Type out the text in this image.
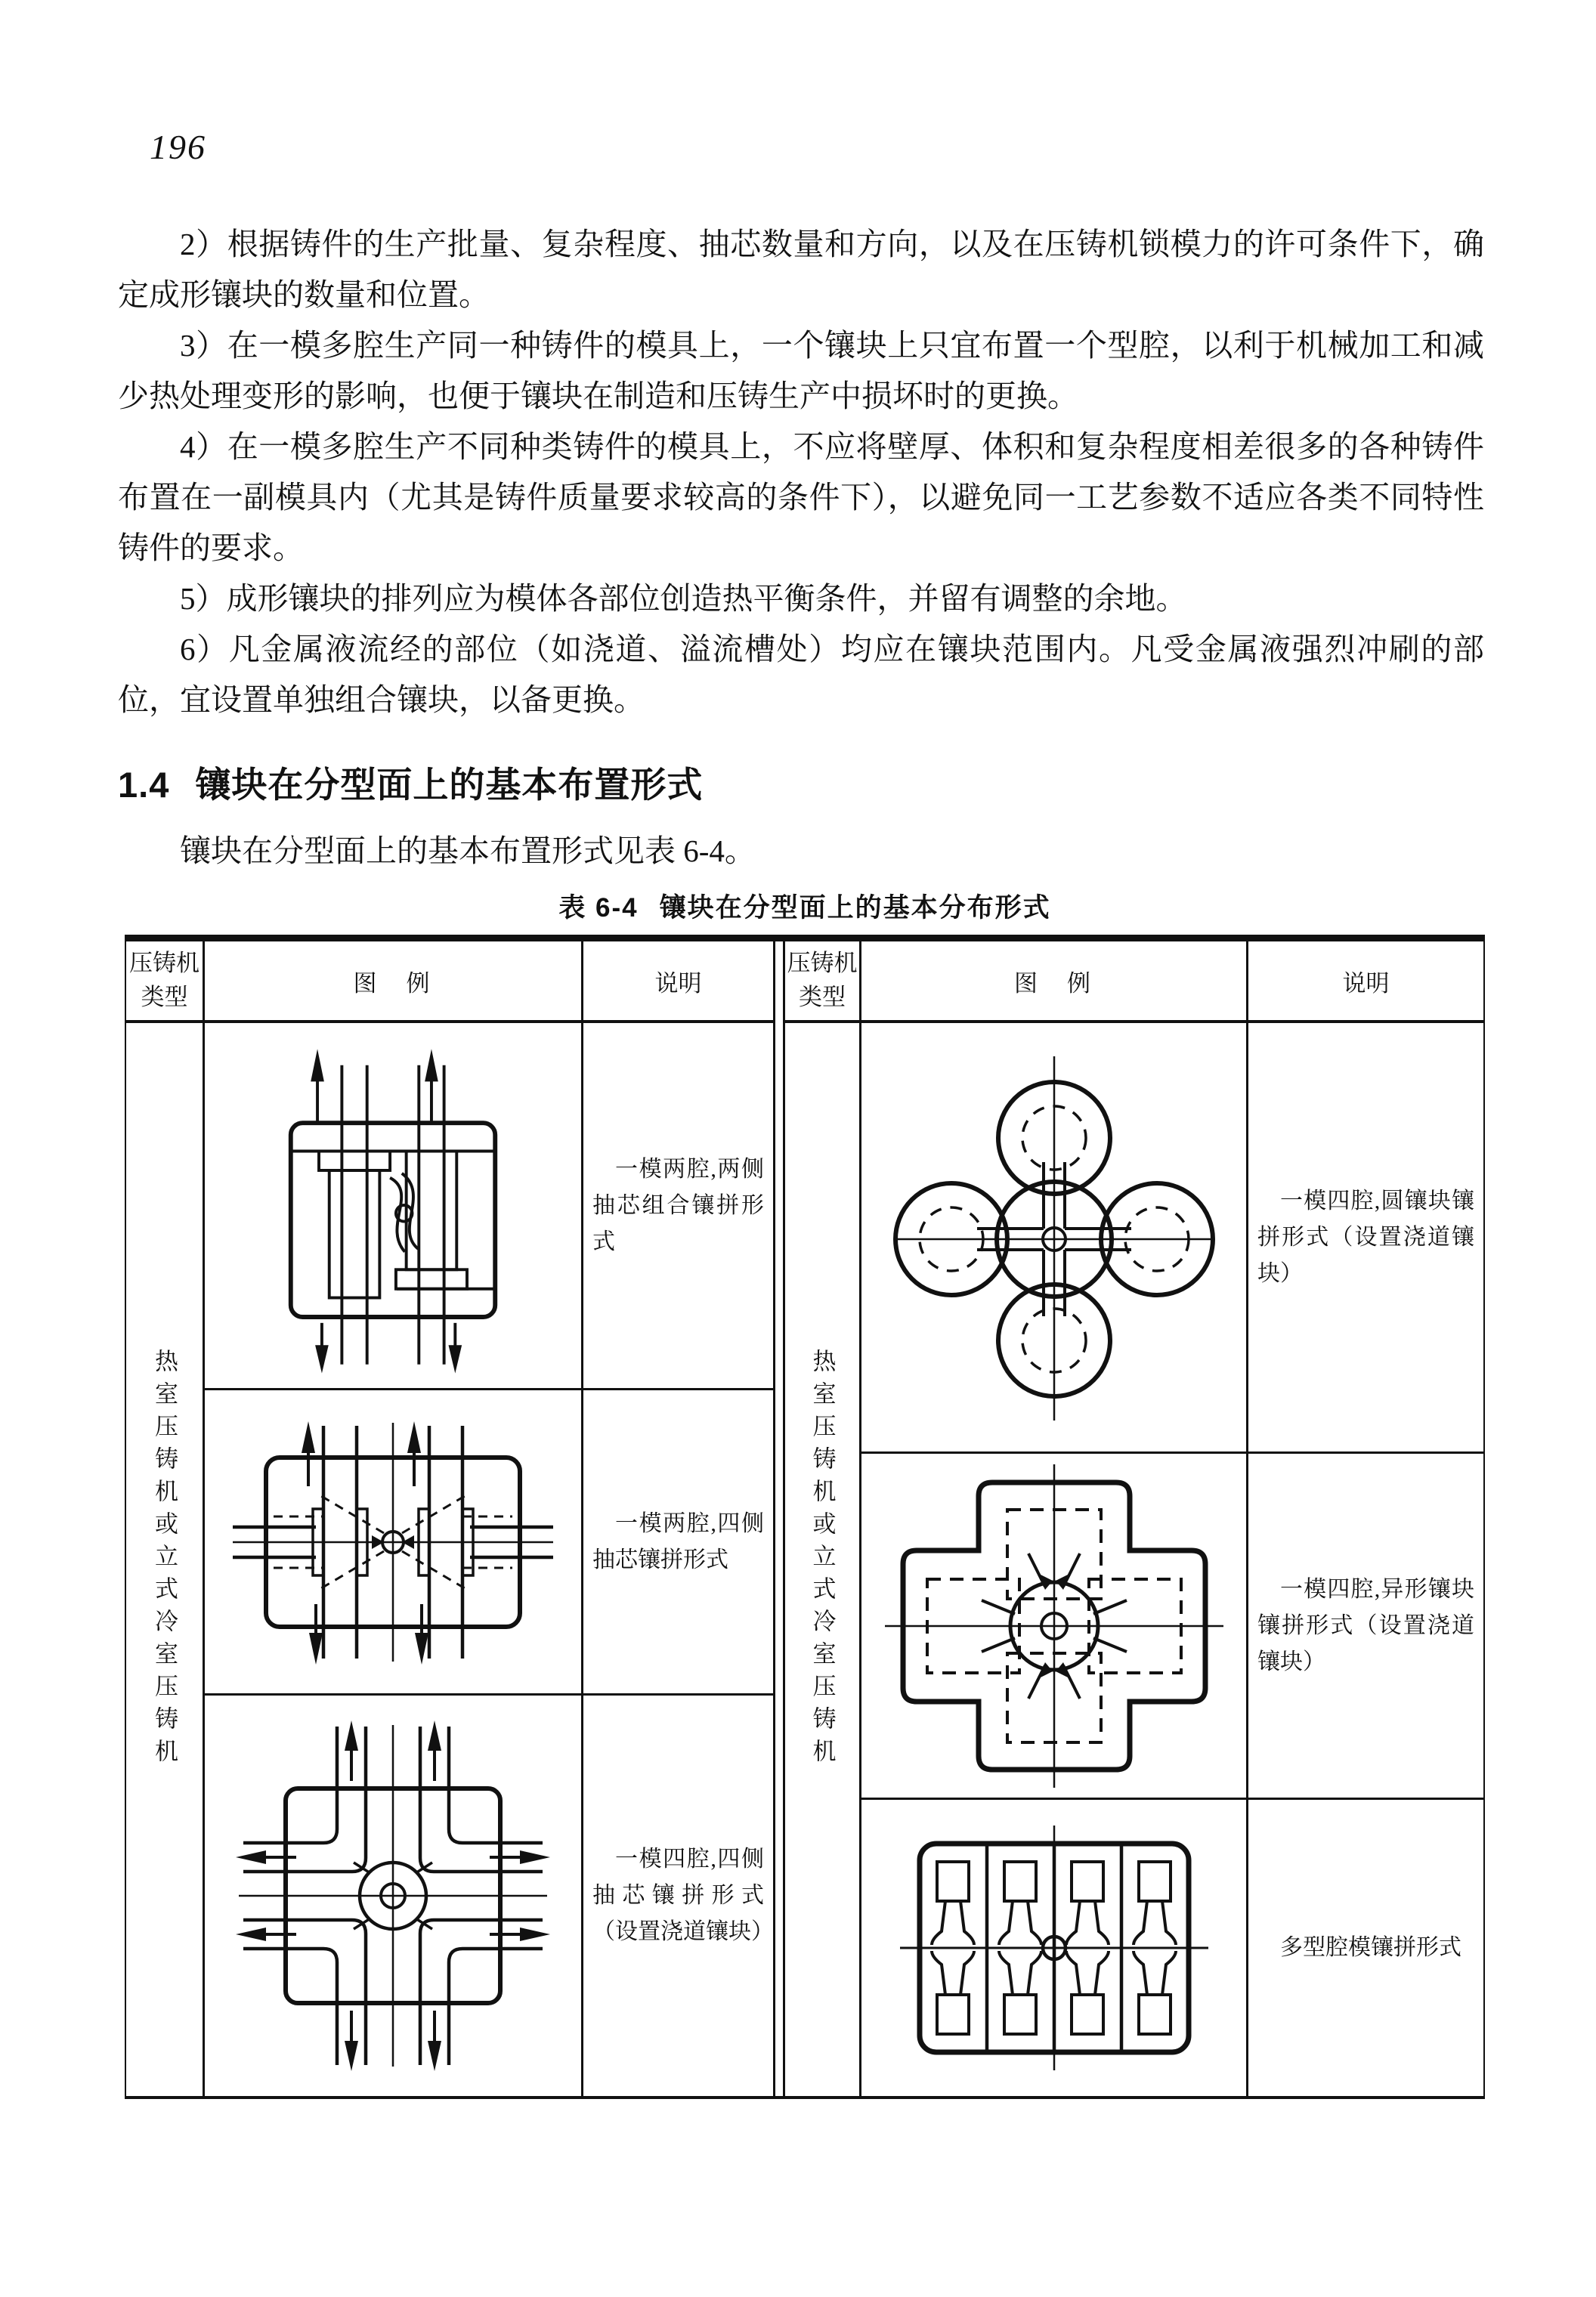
196

2）根据铸件的生产批量、复杂程度、抽芯数量和方向，以及在压铸机锁模力的许可条件下，确定成形镶块的数量和位置。

3）在一模多腔生产同一种铸件的模具上，一个镶块上只宜布置一个型腔，以利于机械加工和减少热处理变形的影响，也便于镶块在制造和压铸生产中损坏时的更换。

4）在一模多腔生产不同种类铸件的模具上，不应将壁厚、体积和复杂程度相差很多的各种铸件布置在一副模具内（尤其是铸件质量要求较高的条件下），以避免同一工艺参数不适应各类不同特性铸件的要求。

5）成形镶块的排列应为模体各部位创造热平衡条件，并留有调整的余地。

6）凡金属液流经的部位（如浇道、溢流槽处）均应在镶块范围内。凡受金属液强烈冲刷的部位，宜设置单独组合镶块，以备更换。

1.4 镶块在分型面上的基本布置形式
镶块在分型面上的基本布置形式见表 6-4。
表 6-4 镶块在分型面上的基本分布形式
压铸机类型
图　例	说明
热室压铸机或立式冷室压铸机
一模两腔,两侧抽芯组合镶拼形式
一模两腔,四侧抽芯镶拼形式
一模四腔,四侧抽芯镶拼形式（设置浇道镶块）
压铸机类型
图　例	说明
热室压铸机或立式冷室压铸机
一模四腔,圆镶块镶拼形式（设置浇道镶块）
一模四腔,异形镶块镶拼形式（设置浇道镶块）
多型腔模镶拼形式
